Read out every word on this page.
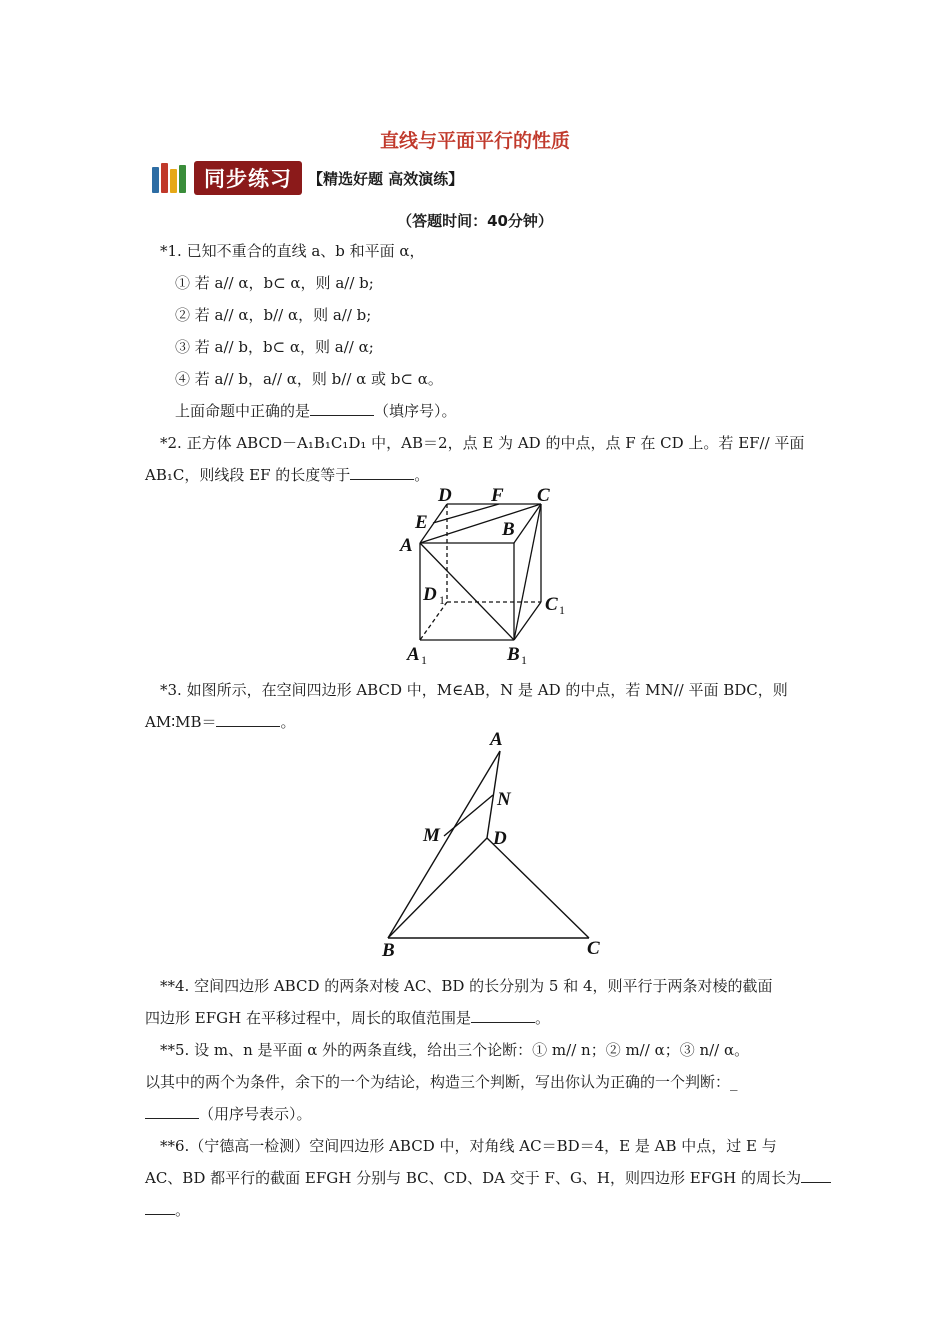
直线与平面平行的性质
同步练习	【精选好题 高效演练】
（答题时间：40分钟）
*1. 已知不重合的直线 a、b 和平面 α，
① 若 a// α，b⊂ α，则 a// b;
② 若 a// α，b// α，则 a// b;
③ 若 a// b，b⊂ α，则 a// α;
④ 若 a// b，a// α，则 b// α 或 b⊂ α。
上面命题中正确的是	（填序号）。
*2. 正方体 ABCD－A₁B₁C₁D₁ 中，AB＝2，点 E 为 AD 的中点，点 F 在 CD 上。若 EF// 平面
AB₁C，则线段 EF 的长度等于	。
D F C
E	B
A
D 1	C 1
A 1	B 1
*3. 如图所示，在空间四边形 ABCD 中，M∈AB，N 是 AD 的中点，若 MN// 平面 BDC，则
AM∶MB＝	。
A
N
M	D
B	C
**4. 空间四边形 ABCD 的两条对棱 AC、BD 的长分别为 5 和 4，则平行于两条对棱的截面
四边形 EFGH 在平移过程中，周长的取值范围是	。
**5. 设 m、n 是平面 α 外的两条直线，给出三个论断：① m// n；② m// α；③ n// α。
以其中的两个为条件，余下的一个为结论，构造三个判断，写出你认为正确的一个判断：_
（用序号表示）。
**6.（宁德高一检测）空间四边形 ABCD 中，对角线 AC＝BD＝4，E 是 AB 中点，过 E 与
AC、BD 都平行的截面 EFGH 分别与 BC、CD、DA 交于 F、G、H，则四边形 EFGH 的周长为
。
